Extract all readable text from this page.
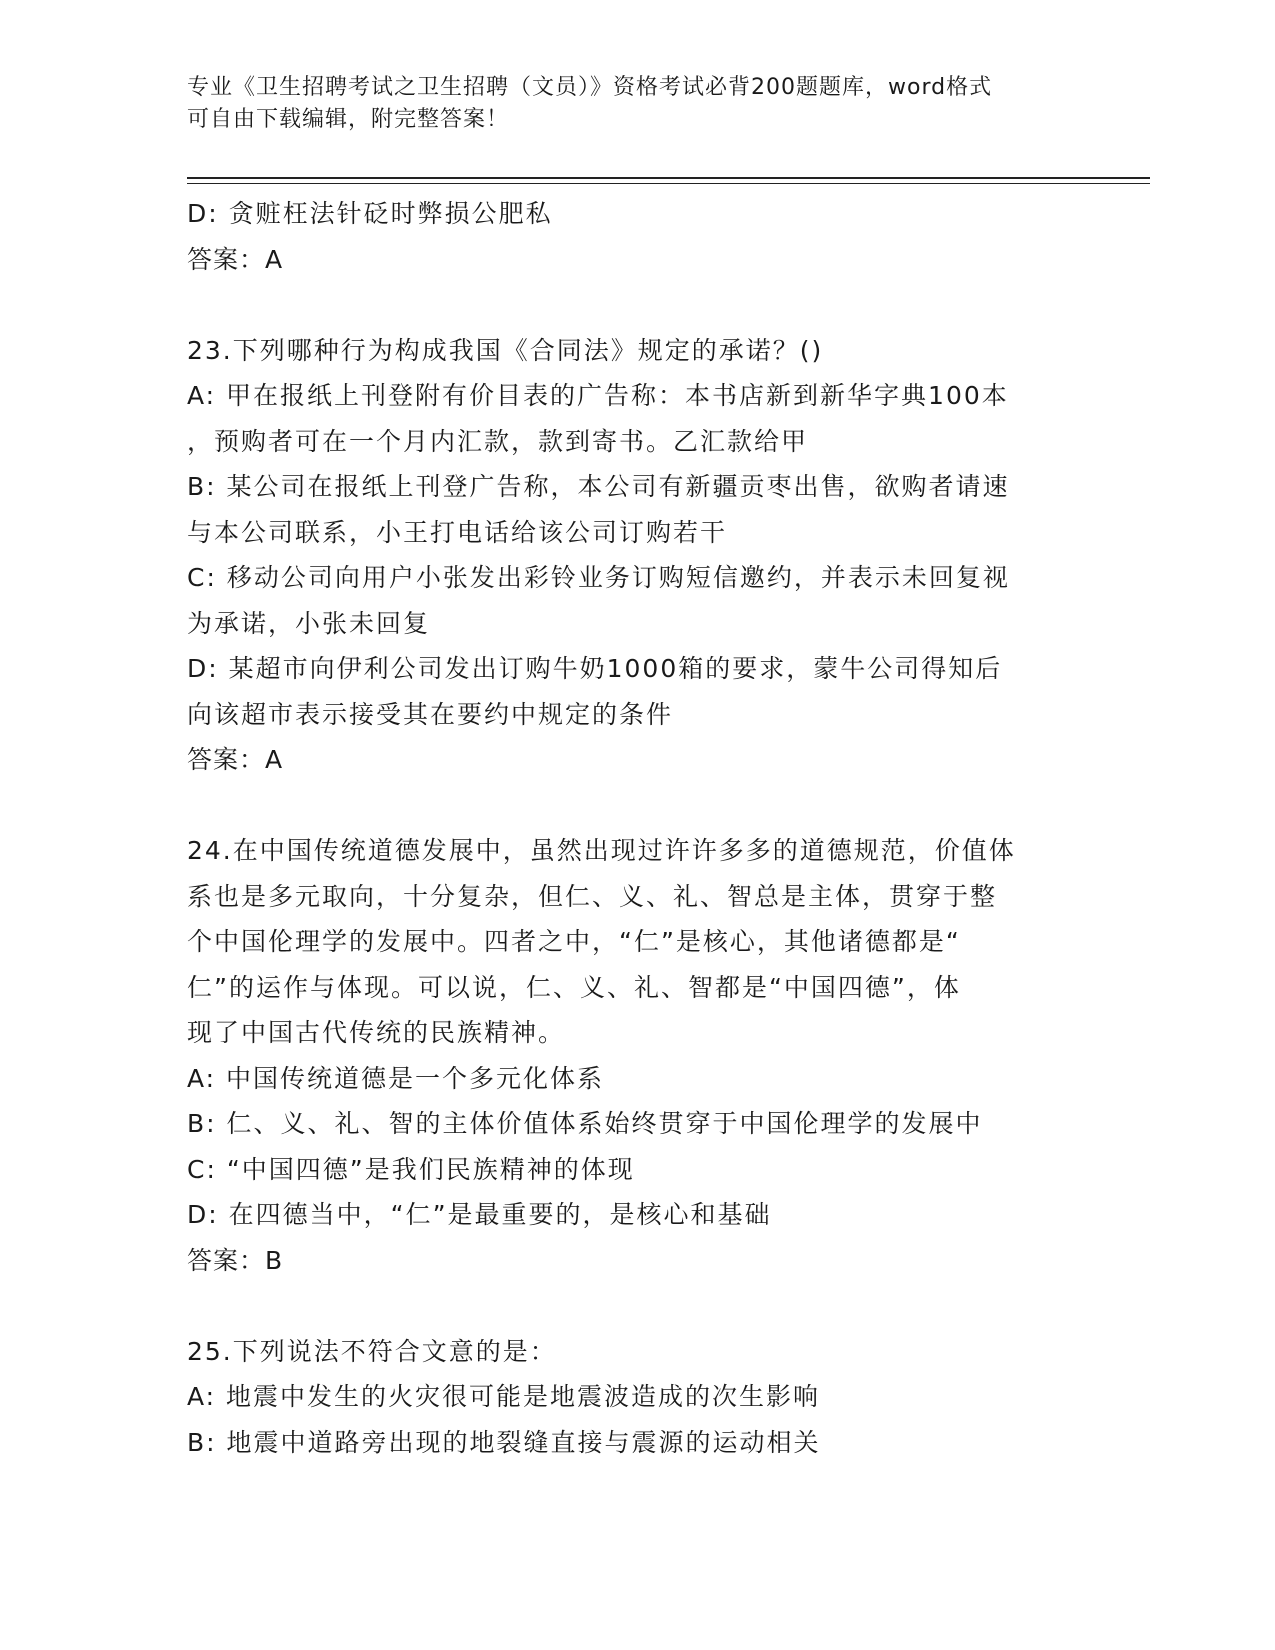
专业《卫生招聘考试之卫生招聘（文员）》资格考试必背200题题库，word格式
可自由下载编辑，附完整答案！
D: 贪赃枉法针砭时弊损公肥私
答案：A
23.下列哪种行为构成我国《合同法》规定的承诺？()
A: 甲在报纸上刊登附有价目表的广告称：本书店新到新华字典100本
，预购者可在一个月内汇款，款到寄书。乙汇款给甲
B: 某公司在报纸上刊登广告称，本公司有新疆贡枣出售，欲购者请速
与本公司联系，小王打电话给该公司订购若干
C: 移动公司向用户小张发出彩铃业务订购短信邀约，并表示未回复视
为承诺，小张未回复
D: 某超市向伊利公司发出订购牛奶1000箱的要求，蒙牛公司得知后
向该超市表示接受其在要约中规定的条件
答案：A
24.在中国传统道德发展中，虽然出现过许许多多的道德规范，价值体
系也是多元取向，十分复杂，但仁、义、礼、智总是主体，贯穿于整
个中国伦理学的发展中。四者之中，“仁”是核心，其他诸德都是“
仁”的运作与体现。可以说，仁、义、礼、智都是“中国四德”，体
现了中国古代传统的民族精神。
A: 中国传统道德是一个多元化体系
B: 仁、义、礼、智的主体价值体系始终贯穿于中国伦理学的发展中
C: “中国四德”是我们民族精神的体现
D: 在四德当中，“仁”是最重要的，是核心和基础
答案：B
25.下列说法不符合文意的是：
A: 地震中发生的火灾很可能是地震波造成的次生影响
B: 地震中道路旁出现的地裂缝直接与震源的运动相关
